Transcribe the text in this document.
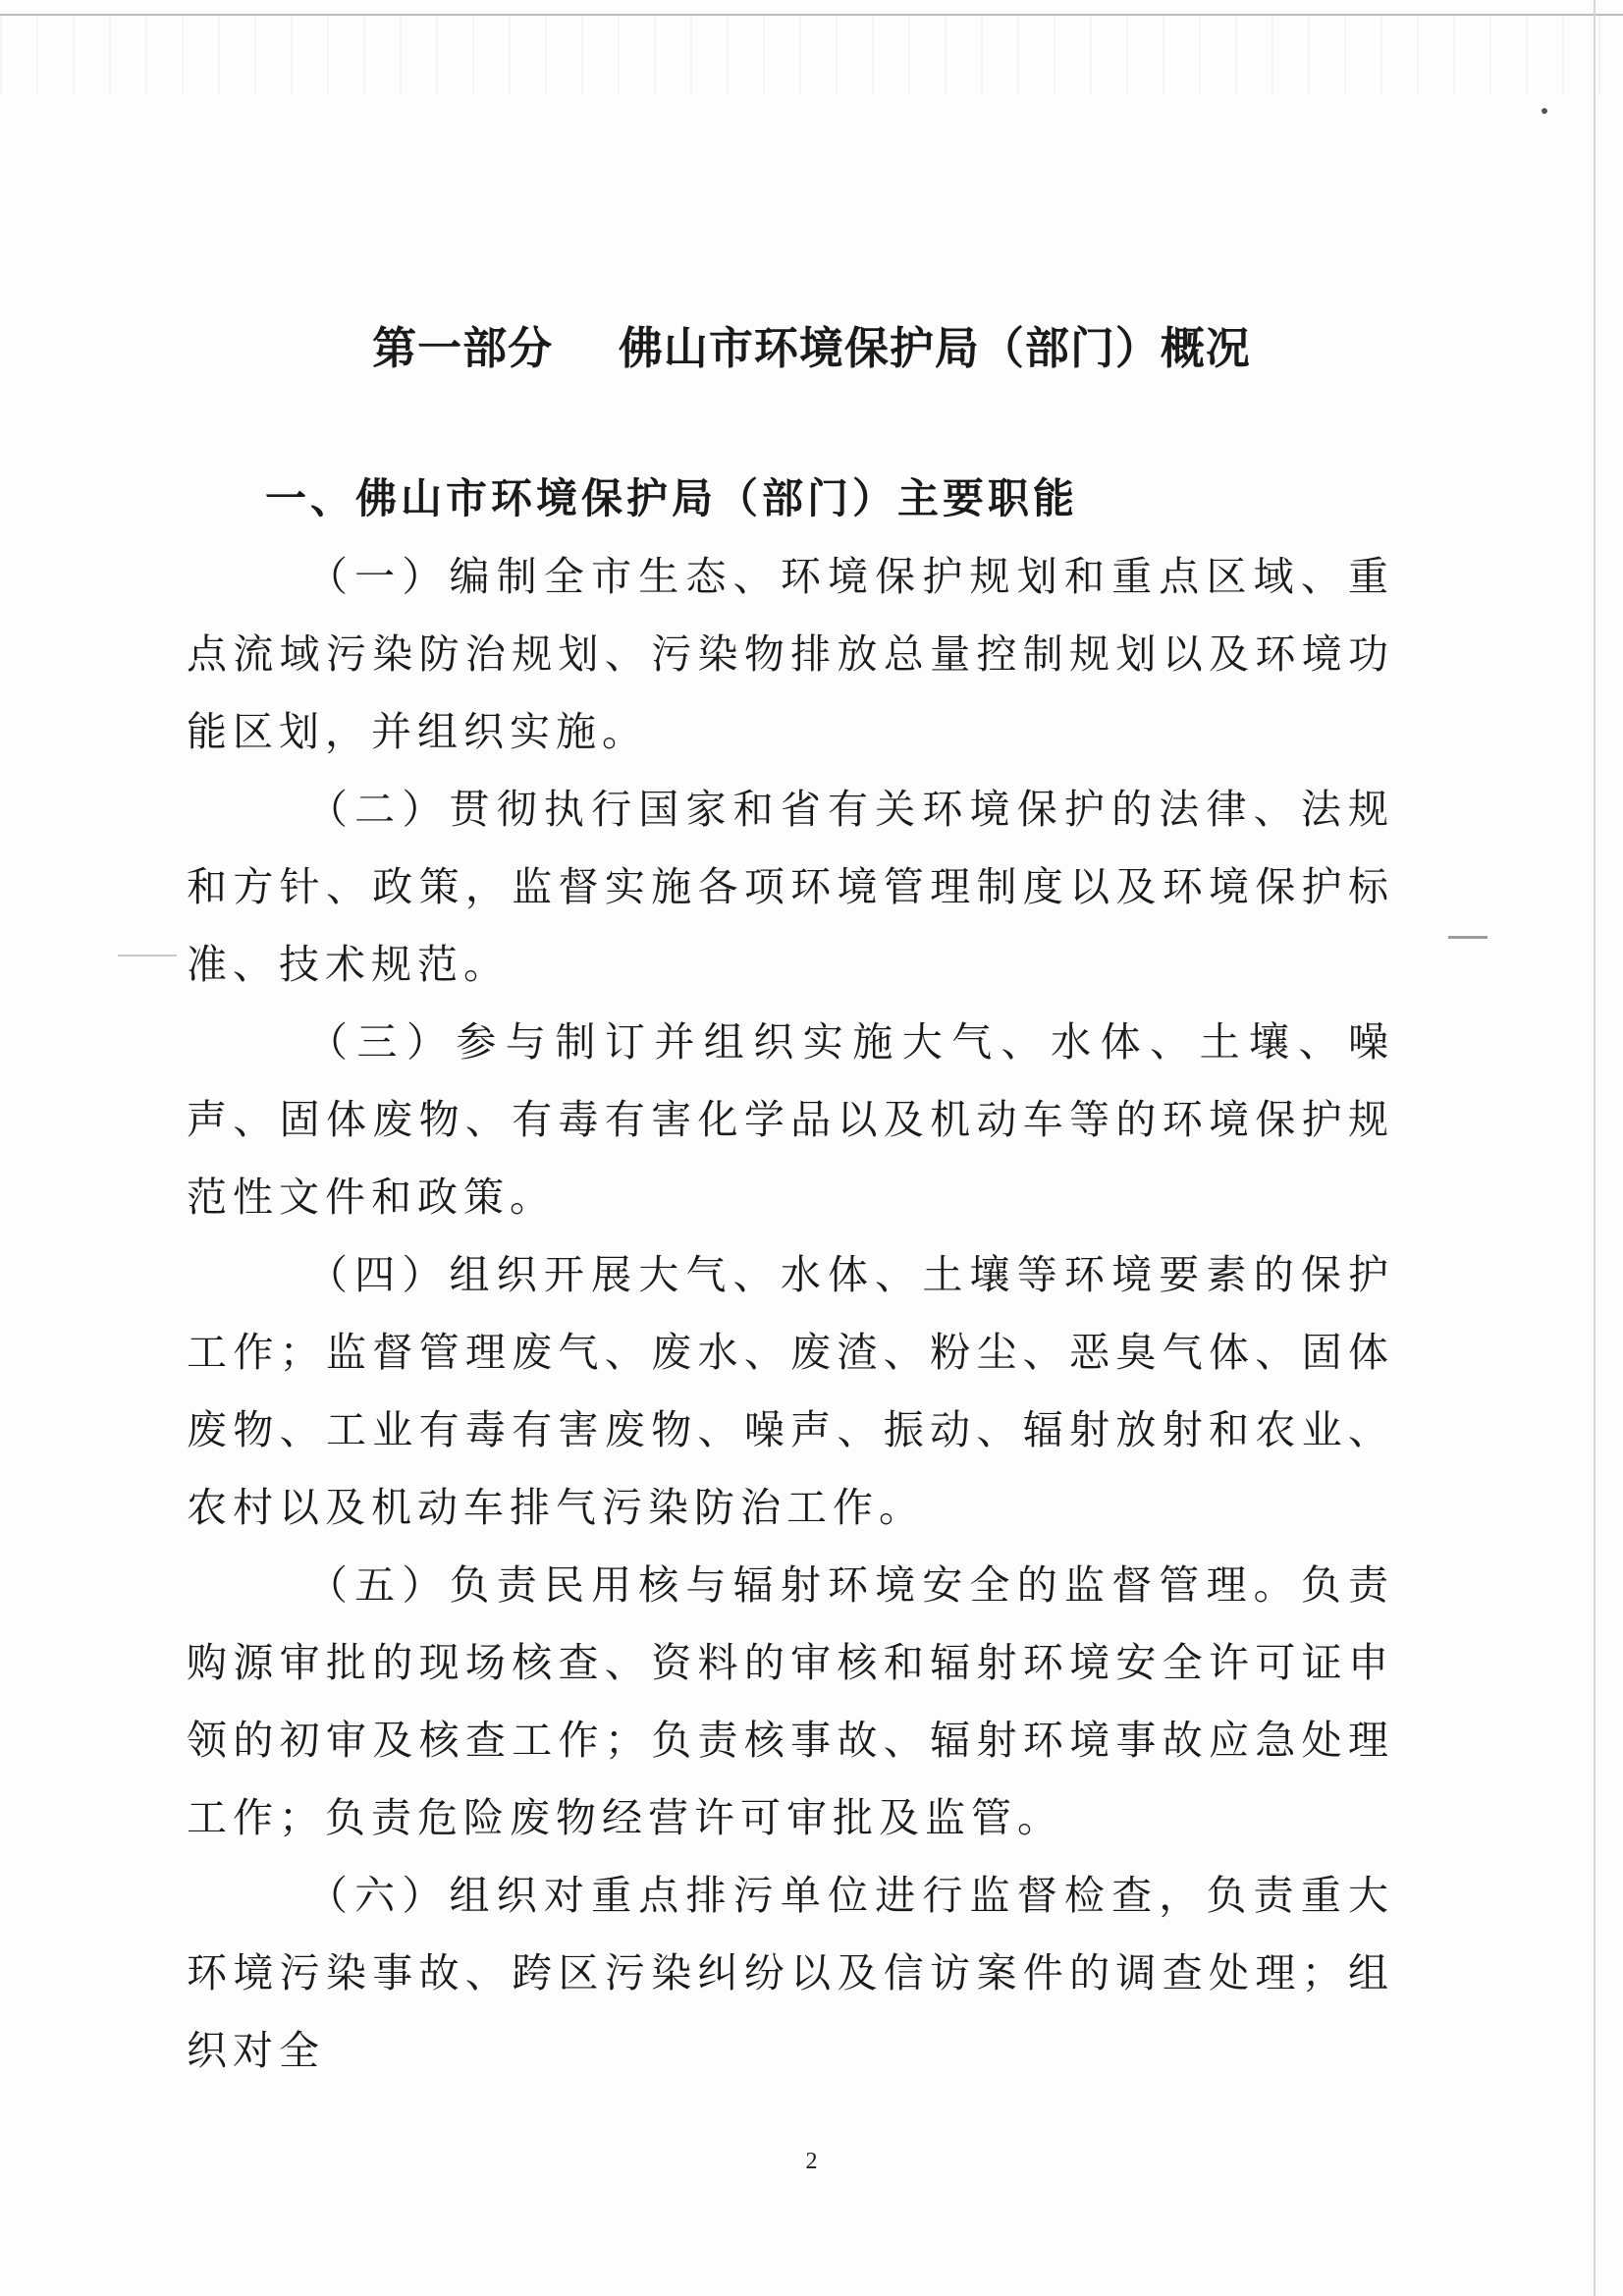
第一部分    佛山市环境保护局（部门）概况
一、佛山市环境保护局（部门）主要职能

（一）编制全市生态、环境保护规划和重点区域、重点流域污染防治规划、污染物排放总量控制规划以及环境功能区划，并组织实施。

（二）贯彻执行国家和省有关环境保护的法律、法规和方针、政策，监督实施各项环境管理制度以及环境保护标准、技术规范。

（三）参与制订并组织实施大气、水体、土壤、噪声、固体废物、有毒有害化学品以及机动车等的环境保护规范性文件和政策。

（四）组织开展大气、水体、土壤等环境要素的保护工作；监督管理废气、废水、废渣、粉尘、恶臭气体、固体废物、工业有毒有害废物、噪声、振动、辐射放射和农业、农村以及机动车排气污染防治工作。

（五）负责民用核与辐射环境安全的监督管理。负责购源审批的现场核查、资料的审核和辐射环境安全许可证申领的初审及核查工作；负责核事故、辐射环境事故应急处理工作；负责危险废物经营许可审批及监管。

（六）组织对重点排污单位进行监督检查，负责重大环境污染事故、跨区污染纠纷以及信访案件的调查处理；组织对全

2
